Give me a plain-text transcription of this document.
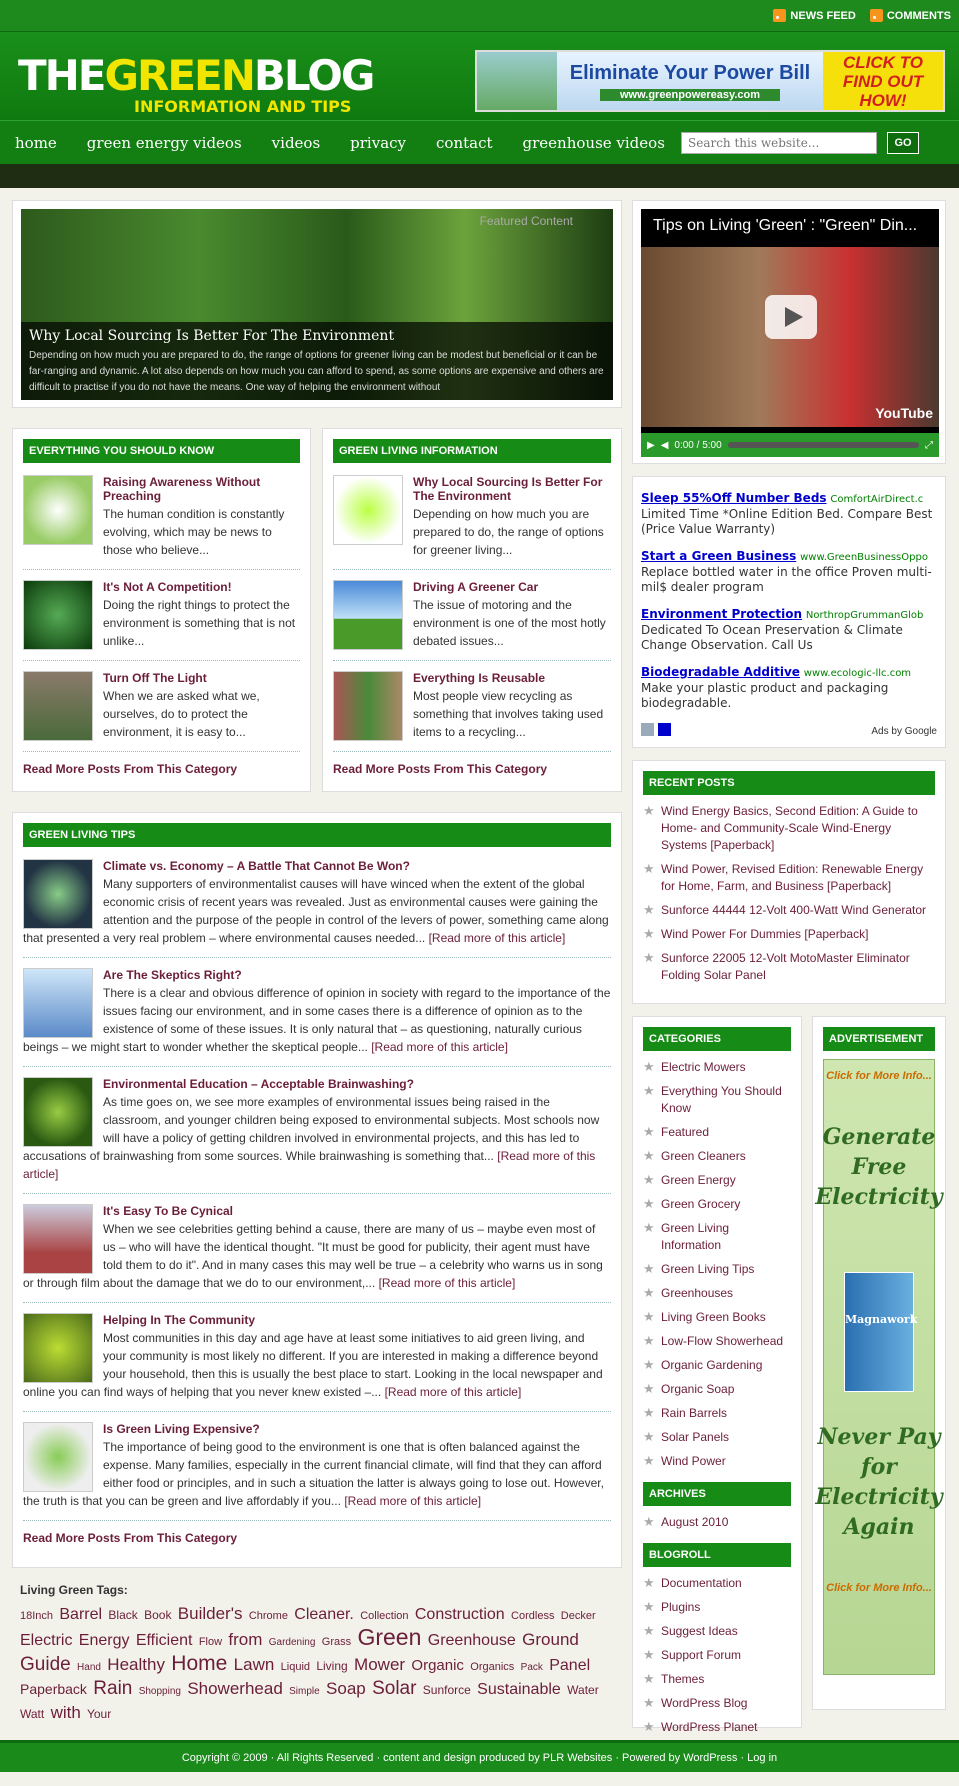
NEWS FEED	COMMENTS
THEGREENBLOG
INFORMATION AND TIPS
Eliminate Your Power Bill
www.greenpowereasy.com
CLICK TO FIND OUT HOW!
home green energy videos videos privacy contact greenhouse videos
Search this website...	GO
Featured Content
Why Local Sourcing Is Better For The Environment

Depending on how much you are prepared to do, the range of options for greener living can be modest but beneficial or it can be far-ranging and dynamic. A lot also depends on how much you can afford to spend, as some options are expensive and others are difficult to practise if you do not have the means. One way of helping the environment without

EVERYTHING YOU SHOULD KNOW
Raising Awareness Without Preaching

The human condition is constantly evolving, which may be news to those who believe...

It's Not A Competition!

Doing the right things to protect the environment is something that is not unlike...

Turn Off The Light

When we are asked what we, ourselves, do to protect the environment, it is easy to...

Read More Posts From This Category
GREEN LIVING INFORMATION
Why Local Sourcing Is Better For The Environment

Depending on how much you are prepared to do, the range of options for greener living...

Driving A Greener Car

The issue of motoring and the environment is one of the most hotly debated issues...

Everything Is Reusable

Most people view recycling as something that involves taking used items to a recycling...

Read More Posts From This Category
GREEN LIVING TIPS
Climate vs. Economy – A Battle That Cannot Be Won?

Many supporters of environmentalist causes will have winced when the extent of the global economic crisis of recent years was revealed. Just as environmental causes were gaining the attention and the purpose of the people in control of the levers of power, something came along that presented a very real problem – where environmental causes needed... [Read more of this article]

Are The Skeptics Right?

There is a clear and obvious difference of opinion in society with regard to the importance of the issues facing our environment, and in some cases there is a difference of opinion as to the existence of some of these issues. It is only natural that – as questioning, naturally curious beings – we might start to wonder whether the skeptical people... [Read more of this article]

Environmental Education – Acceptable Brainwashing?

As time goes on, we see more examples of environmental issues being raised in the classroom, and younger children being exposed to environmental subjects. Most schools now will have a policy of getting children involved in environmental projects, and this has led to accusations of brainwashing from some sources. While brainwashing is something that... [Read more of this article]

It's Easy To Be Cynical

When we see celebrities getting behind a cause, there are many of us – maybe even most of us – who will have the identical thought. "It must be good for publicity, their agent must have told them to do it". And in many cases this may well be true – a celebrity who warns us in song or through film about the damage that we do to our environment,... [Read more of this article]

Helping In The Community

Most communities in this day and age have at least some initiatives to aid green living, and your community is most likely no different. If you are interested in making a difference beyond your household, then this is usually the best place to start. Looking in the local newspaper and online you can find ways of helping that you never knew existed –... [Read more of this article]

Is Green Living Expensive?

The importance of being good to the environment is one that is often balanced against the expense. Many families, especially in the current financial climate, will find that they can afford either food or principles, and in such a situation the latter is always going to lose out. However, the truth is that you can be green and live affordably if you... [Read more of this article]

Read More Posts From This Category
Living Green Tags:
18Inch Barrel Black Book Builder's Chrome Cleaner. Collection Construction Cordless Decker Electric Energy Efficient Flow from Gardening Grass Green Greenhouse Ground Guide Hand Healthy Home Lawn Liquid Living Mower Organic Organics Pack Panel Paperback Rain Shopping Showerhead Simple Soap Solar Sunforce Sustainable Water Watt with Your
Tips on Living 'Green' : "Green" Din...
YouTube
▶ ◀ 0:00 / 5:00	⤢
Sleep 55%Off Number Beds ComfortAirDirect.c
Limited Time *Online Edition Bed. Compare Best (Price Value Warranty)
Start a Green Business www.GreenBusinessOppo
Replace bottled water in the office Proven multi-mil$ dealer program
Environment Protection NorthropGrummanGlob
Dedicated To Ocean Preservation & Climate Change Observation. Call Us
Biodegradable Additive www.ecologic-llc.com
Make your plastic product and packaging biodegradable.
Ads by Google
RECENT POSTS
★ Wind Energy Basics, Second Edition: A Guide to Home- and Community-Scale Wind-Energy Systems [Paperback]
★ Wind Power, Revised Edition: Renewable Energy for Home, Farm, and Business [Paperback]
★ Sunforce 44444 12-Volt 400-Watt Wind Generator
★ Wind Power For Dummies [Paperback]
★ Sunforce 22005 12-Volt MotoMaster Eliminator Folding Solar Panel
CATEGORIES
★ Electric Mowers
★ Everything You Should Know
★ Featured
★ Green Cleaners
★ Green Energy
★ Green Grocery
★ Green Living Information
★ Green Living Tips
★ Greenhouses
★ Living Green Books
★ Low-Flow Showerhead
★ Organic Gardening
★ Organic Soap
★ Rain Barrels
★ Solar Panels
★ Wind Power
ARCHIVES
★ August 2010
BLOGROLL
★ Documentation
★ Plugins
★ Suggest Ideas
★ Support Forum
★ Themes
★ WordPress Blog
★ WordPress Planet
ADVERTISEMENT
Click for More Info...
Generate Free Electricity
Magnawork
Never Pay for Electricity Again
Click for More Info...
Copyright © 2009 · All Rights Reserved · content and design produced by PLR Websites · Powered by WordPress · Log in
